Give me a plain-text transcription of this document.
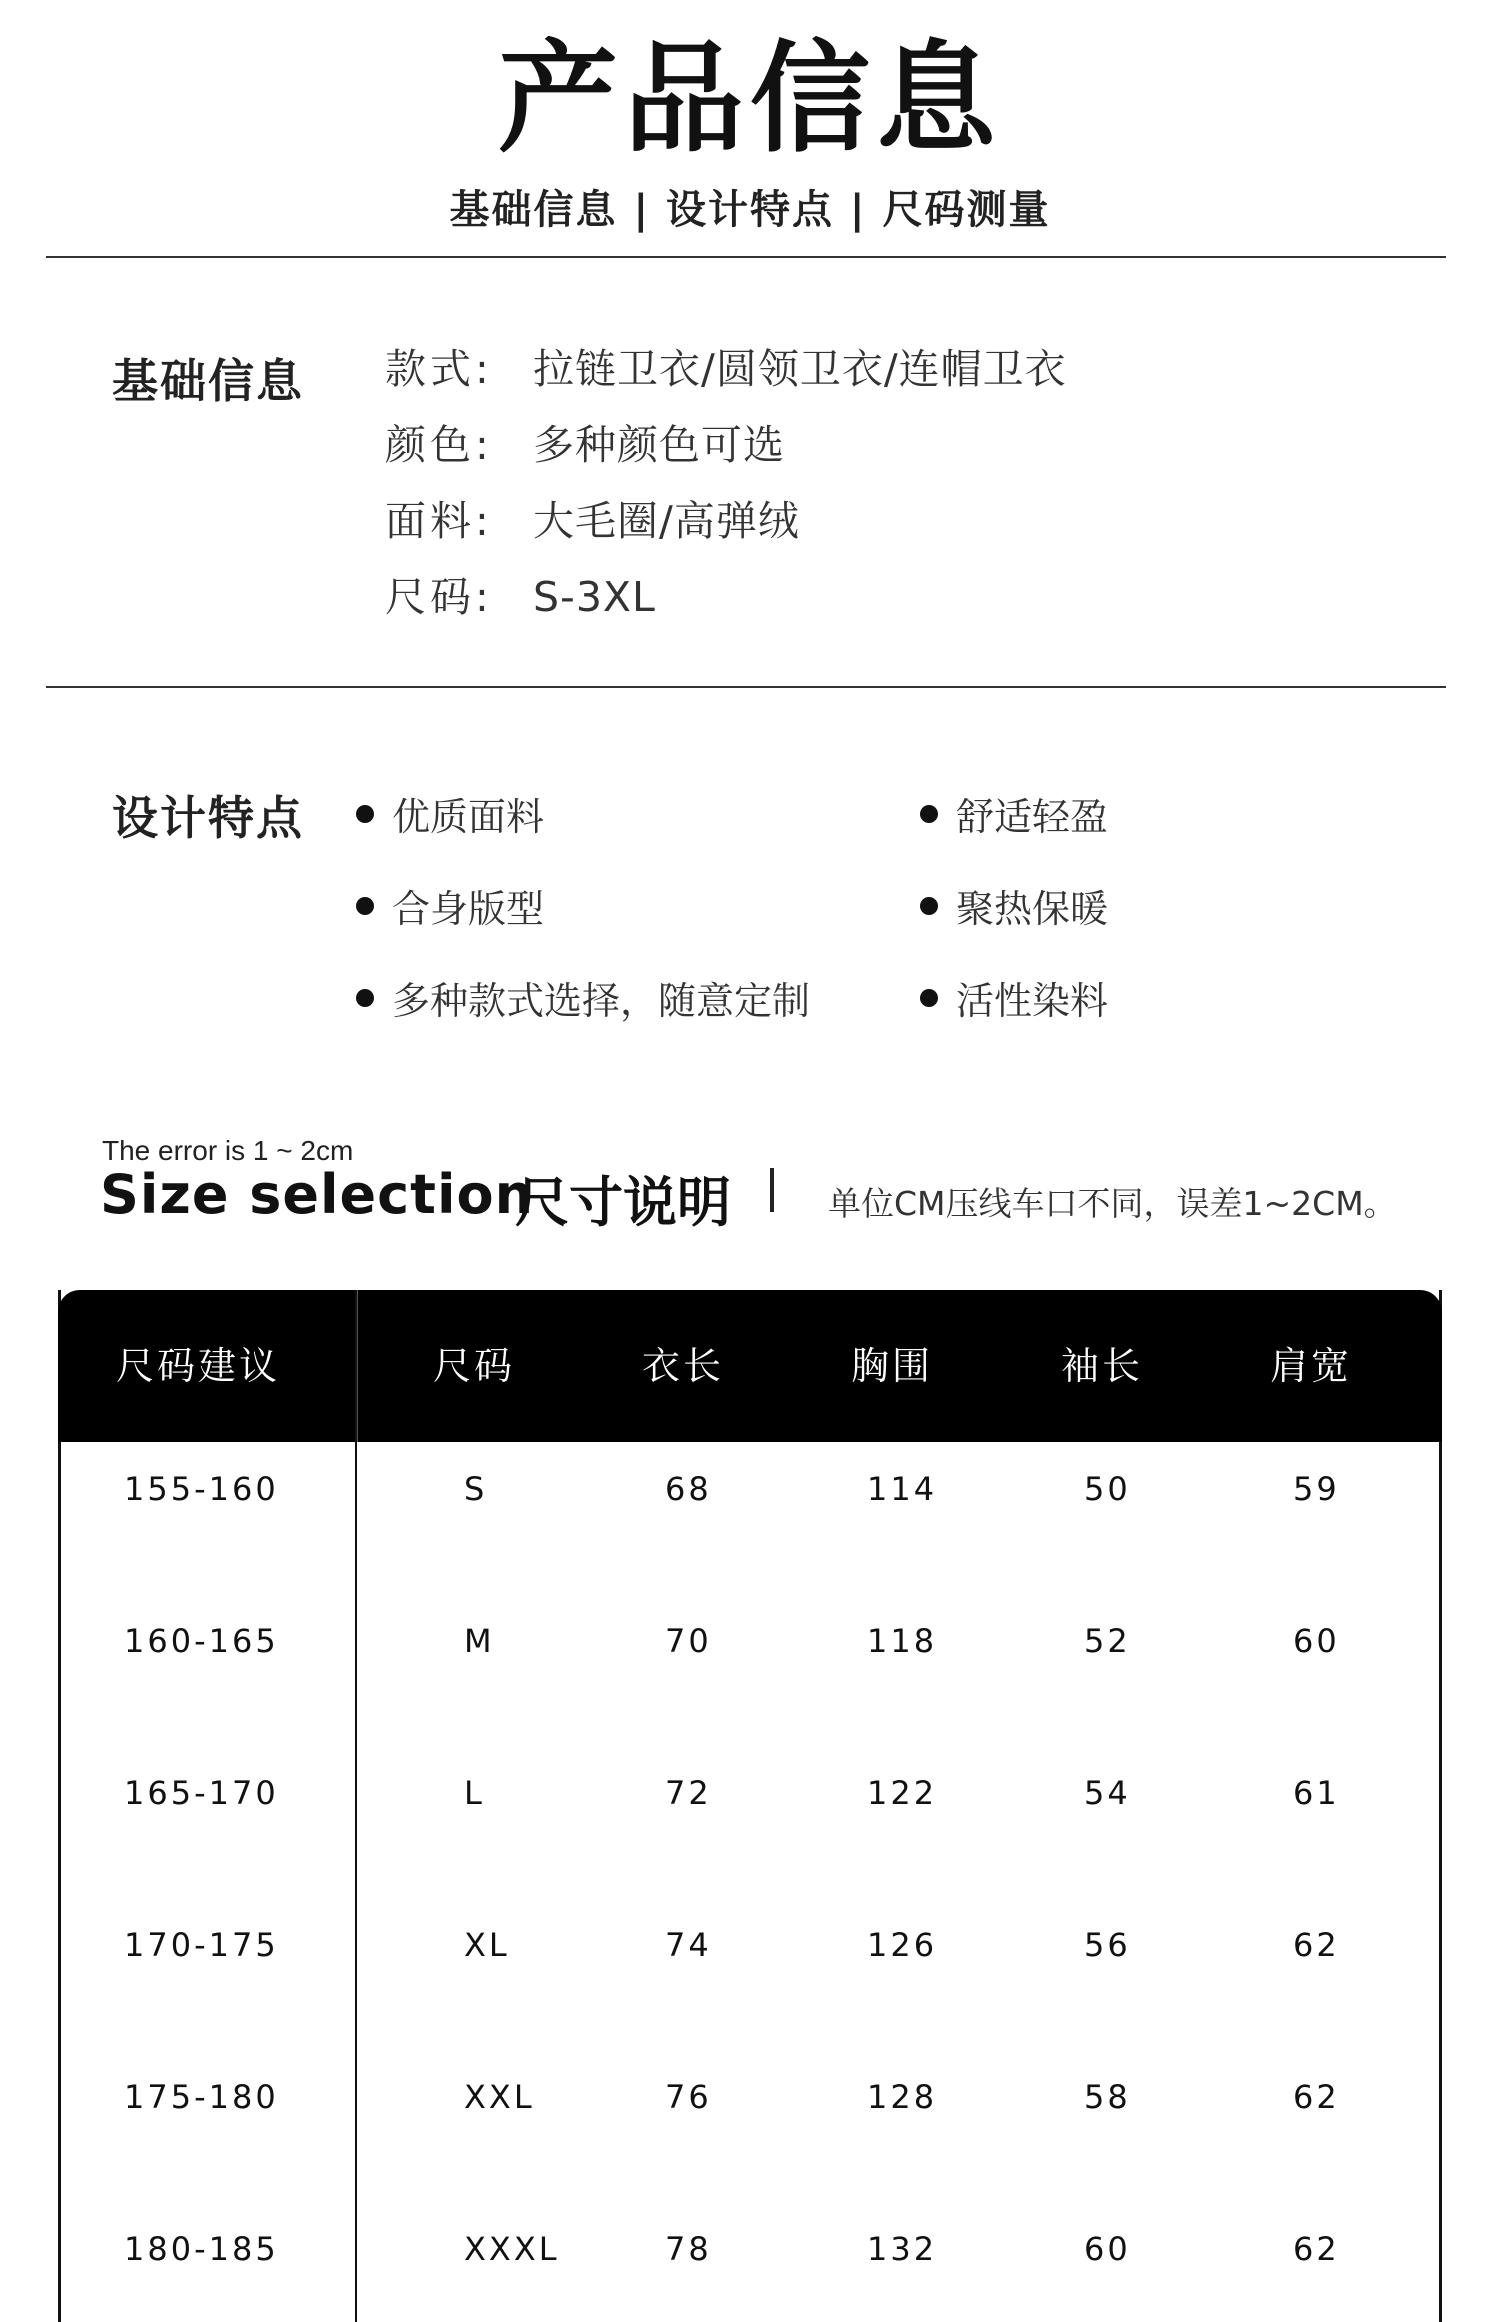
产品信息
基础信息 | 设计特点 | 尺码测量
基础信息 款式: 拉链卫衣/圆领卫衣/连帽卫衣
颜色: 多种颜色可选
面料: 大毛圈/高弹绒
尺码: S-3XL
设计特点 优质面料
合身版型
多种款式选择，随意定制
舒适轻盈
聚热保暖
活性染料
The error is 1 ~ 2cm
Size selection
尺寸说明	单位CM压线车口不同，误差1~2CM。
尺码建议	尺码	衣长	胸围	袖长	肩宽
155-160	S	68	114	50	59
160-165	M	70	118	52	60
165-170	L	72	122	54	61
170-175	XL	74	126	56	62
175-180	XXL	76	128	58	62
180-185	XXXL	78	132	60	62
